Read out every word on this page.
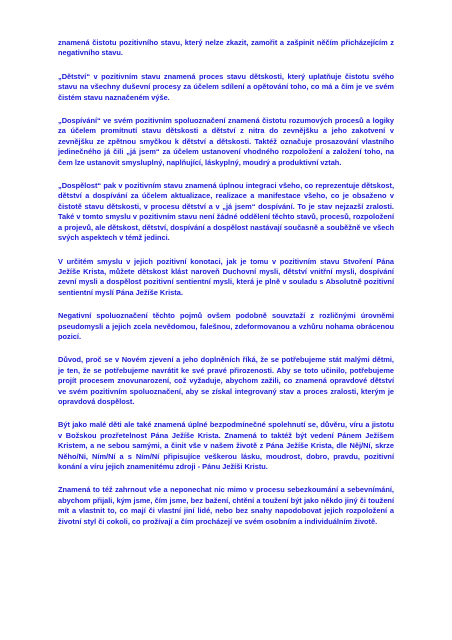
znamená čistotu pozitivního stavu, který nelze zkazit, zamořit a zašpinit něčím přicházejícím z negativního stavu.

„Dětství“ v pozitivním stavu znamená proces stavu dětskosti, který uplatňuje čistotu svého stavu na všechny duševní procesy za účelem sdílení a opětování toho, co má a čím je ve svém čistém stavu naznačeném výše.

„Dospívání“ ve svém pozitivním spoluoznačení znamená čistotu rozumových procesů a logiky za účelem promítnutí stavu dětskosti a dětství z nitra do zevnějšku a jeho zakotvení v zevnějšku ze zpětnou smyčkou k dětství a dětskosti. Taktéž označuje prosazování vlastního jedinečného já čili „já jsem“ za účelem ustanovení vhodného rozpoložení a založení toho, na čem lze ustanovit smysluplný, naplňující, láskyplný, moudrý a produktivní vztah.

„Dospělost“ pak v pozitivním stavu znamená úplnou integraci všeho, co reprezentuje dětskost, dětství a dospívání za účelem aktualizace, realizace a manifestace všeho, co je obsaženo v čistotě stavu dětskosti, v procesu dětství a v „já jsem“ dospívání. To je stav nejzazší zralosti. Také v tomto smyslu v pozitivním stavu není žádné oddělení těchto stavů, procesů, rozpoložení a projevů, ale dětskost, dětství, dospívání a dospělost nastávají současně a souběžně ve všech svých aspektech v témž jedinci.

V určitém smyslu v jejich pozitivní konotaci, jak je tomu v pozitivním stavu Stvoření Pána Ježíše Krista, můžete dětskost klást naroveň Duchovní mysli, dětství vnitřní mysli, dospívání zevní mysli a dospělost pozitivní sentientní mysli, která je plně v souladu s Absolutně pozitivní sentientní myslí Pána Ježíše Krista.

Negativní spoluoznačení těchto pojmů ovšem podobně souvztaží z rozličnými úrovněmi pseudomysli a jejich zcela nevědomou, falešnou, zdeformovanou a vzhůru nohama obrácenou pozicí.

Důvod, proč se v Novém zjevení a jeho doplněních říká, že se potřebujeme stát malými dětmi, je ten, že se potřebujeme navrátit ke své pravé přirozenosti. Aby se toto učinilo, potřebujeme projít procesem znovunarození, což vyžaduje, abychom zažili, co znamená opravdové dětství ve svém pozitivním spoluoznačení, aby se získal integrovaný stav a proces zralosti, kterým je opravdová dospělost.

Být jako malé děti ale také znamená úplné bezpodmínečné spolehnutí se, důvěru, víru a jistotu v Božskou prozřetelnost Pána Ježíše Krista. Znamená to taktéž být vedení Pánem Ježíšem Kristem, a ne sebou samými, a činit vše v našem životě z Pána Ježíše Krista, dle Něj/Ní, skrze Něho/Ni, Ním/Ní a s Ním/Ní připisujíce veškerou lásku, moudrost, dobro, pravdu, pozitivní konání a víru jejich znamenitému zdroji - Pánu Ježíši Kristu.

Znamená to též zahrnout vše a neponechat nic mimo v procesu sebezkoumání a sebevnímání, abychom přijali, kým jsme, čím jsme, bez bažení, chtění a toužení být jako někdo jiný či toužení mít a vlastnit to, co mají či vlastní jiní lidé, nebo bez snahy napodobovat jejich rozpoložení a životní styl či cokoli, co prožívají a čím procházejí ve svém osobním a individuálním životě.
